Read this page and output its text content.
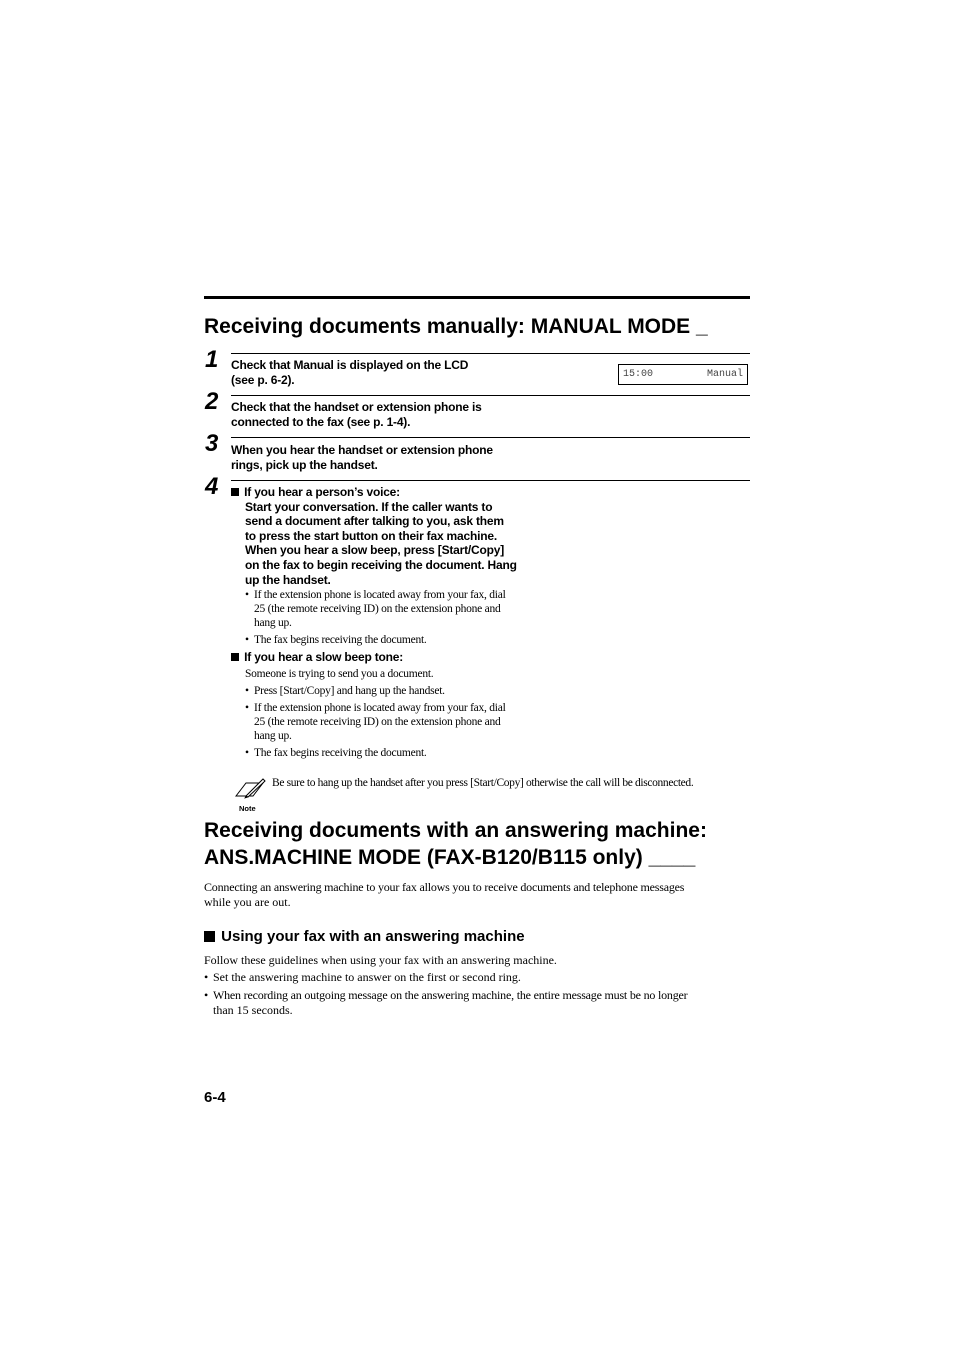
Receiving documents manually: MANUAL MODE _
1 Check that Manual is displayed on the LCD

(see p. 6-2).	15:00	Manual
2 Check that the handset or extension phone is

connected to the fax (see p. 1-4).

3 When you hear the handset or extension phone

rings, pick up the handset.

4	If you hear a person’s voice:

Start your conversation. If the caller wants to

send a document after talking to you, ask them

to press the start button on their fax machine.

When you hear a slow beep, press [Start/Copy]

on the fax to begin receiving the document. Hang

up the handset.

• If the extension phone is located away from your fax, dial
25 (the remote receiving ID) on the extension phone and
hang up.
• The fax begins receiving the document.
If you hear a slow beep tone:
Someone is trying to send you a document.
• Press [Start/Copy] and hang up the handset.
• If the extension phone is located away from your fax, dial
25 (the remote receiving ID) on the extension phone and
hang up.
• The fax begins receiving the document.
Note
Be sure to hang up the handset after you press [Start/Copy] otherwise the call will be disconnected.
Receiving documents with an answering machine:
ANS.MACHINE MODE (FAX-B120/B115 only) ____
Connecting an answering machine to your fax allows you to receive documents and telephone messages
while you are out.
Using your fax with an answering machine
Follow these guidelines when using your fax with an answering machine.
• Set the answering machine to answer on the first or second ring.
• When recording an outgoing message on the answering machine, the entire message must be no longer
than 15 seconds.
6-4
